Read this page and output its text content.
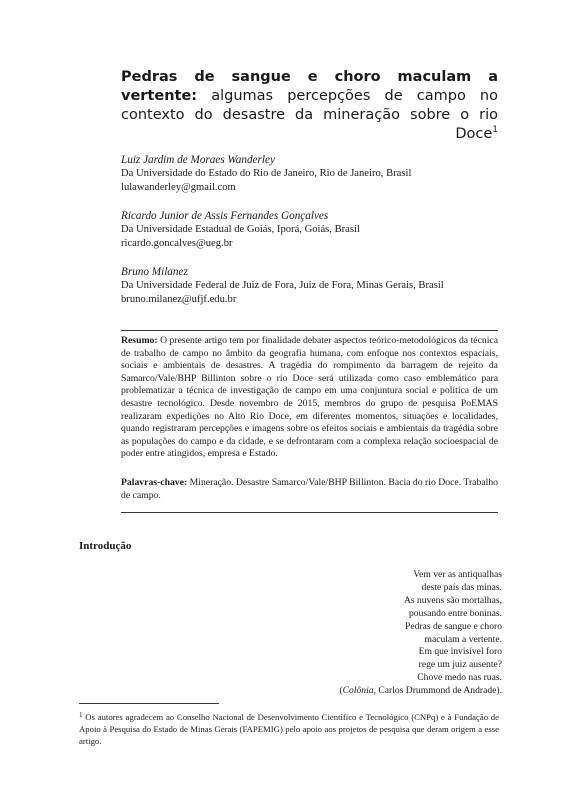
Pedras de sangue e choro maculam a vertente: algumas percepções de campo no contexto do desastre da mineração sobre o rio Doce$^1$
Luiz Jardim de Moraes Wanderley
Da Universidade do Estado do Rio de Janeiro, Rio de Janeiro, Brasil
lulawanderley@gmail.com
Ricardo Junior de Assis Fernandes Gonçalves
Da Universidade Estadual de Goiás, Iporá, Goiás, Brasil
ricardo.goncalves@ueg.br
Bruno Milanez
Da Universidade Federal de Juiz de Fora, Juiz de Fora, Minas Gerais, Brasil
bruno.milanez@ufjf.edu.br
Resumo: O presente artigo tem por finalidade debater aspectos teórico-metodológicos da técnica de trabalho de campo no âmbito da geografia humana, com enfoque nos contextos espaciais, sociais e ambientais de desastres. A tragédia do rompimento da barragem de rejeito da Samarco/Vale/BHP Billinton sobre o rio Doce será utilizada como caso emblemático para problematizar a técnica de investigação de campo em uma conjuntura social e política de um desastre tecnológico. Desde novembro de 2015, membros do grupo de pesquisa PoEMAS realizaram expedições no Alto Rio Doce, em diferentes momentos, situações e localidades, quando registraram percepções e imagens sobre os efeitos sociais e ambientais da tragédia sobre as populações do campo e da cidade, e se defrontaram com a complexa relação socioespacial de poder entre atingidos, empresa e Estado.
Palavras-chave: Mineração. Desastre Samarco/Vale/BHP Billinton. Bacia do rio Doce. Trabalho de campo.
Introdução
Vem ver as antiqualhas
deste país das minas.
As nuvens são mortalhas,
pousando entre boninas.
Pedras de sangue e choro
maculam a vertente.
Em que invisível foro
rege um juiz ausente?
Chove medo nas ruas.
(Colônia, Carlos Drummond de Andrade).
$^1$ Os autores agradecem ao Conselho Nacional de Desenvolvimento Científico e Tecnológico (CNPq) e à Fundação de Apoio à Pesquisa do Estado de Minas Gerais (FAPEMIG) pelo apoio aos projetos de pesquisa que deram origem a esse artigo.
